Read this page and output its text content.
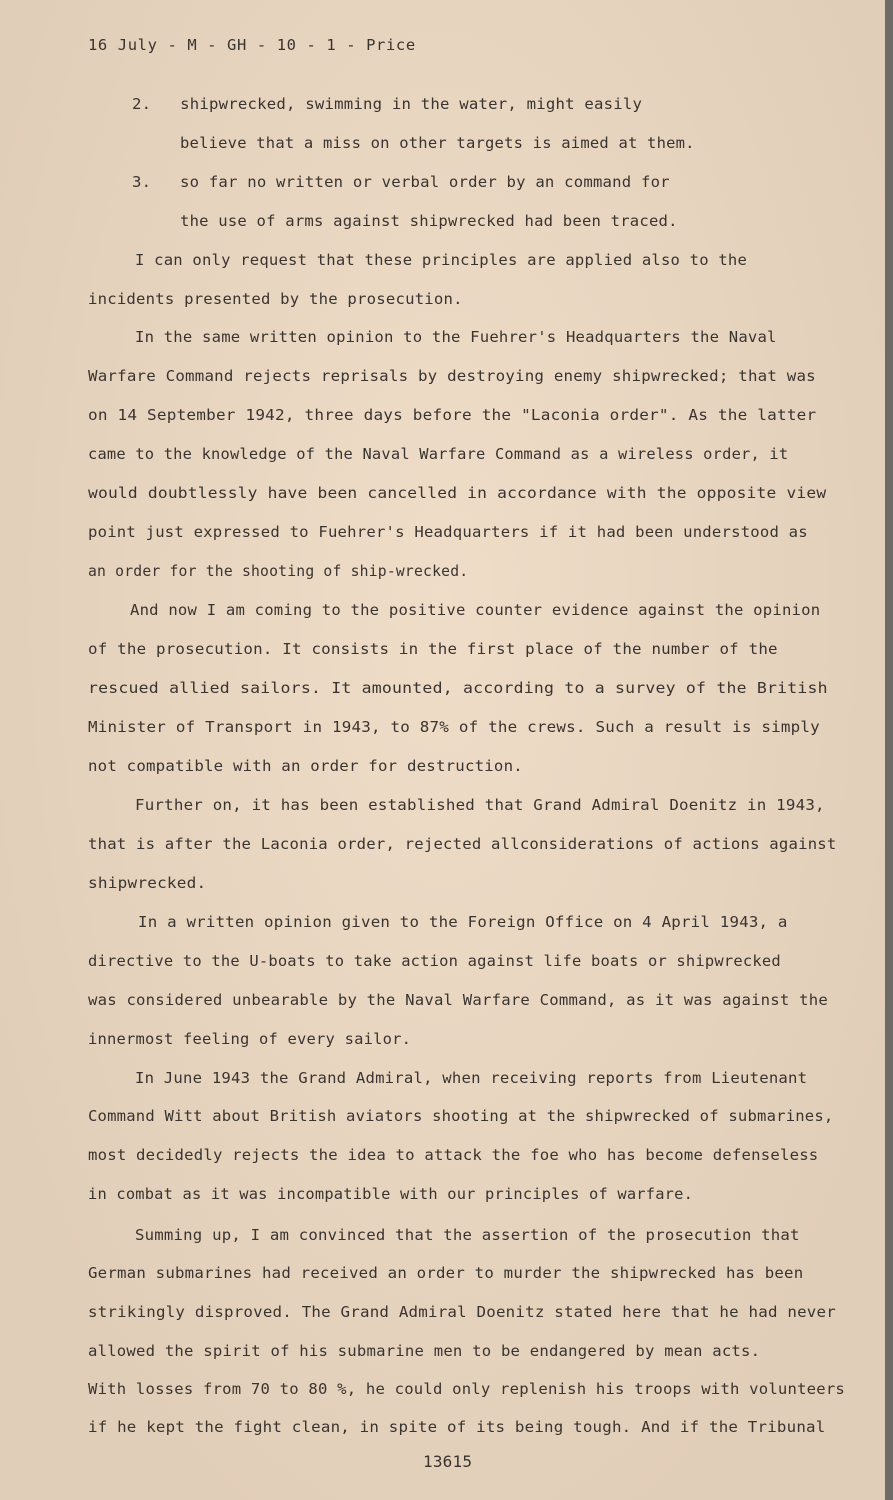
16 July - M - GH - 10 - 1 - Price
2.   shipwrecked, swimming in the water, might easily
believe that a miss on other targets is aimed at them.
3.   so far no written or verbal order by an command for
the use of arms against shipwrecked had been traced.
I can only request that these principles are applied also to the
incidents presented by the prosecution.
In the same written opinion to the Fuehrer's Headquarters the Naval
Warfare Command rejects reprisals by destroying enemy shipwrecked; that was
on 14 September 1942, three days before the "Laconia order". As the latter
came to the knowledge of the Naval Warfare Command as a wireless order, it
would doubtlessly have been cancelled in accordance with the opposite view
point just expressed to Fuehrer's Headquarters if it had been understood as
an order for the shooting of ship-wrecked.
And now I am coming to the positive counter evidence against the opinion
of the prosecution. It consists in the first place of the number of the
rescued allied sailors. It amounted, according to a survey of the British
Minister of Transport in 1943, to 87% of the crews. Such a result is simply
not compatible with an order for destruction.
Further on, it has been established that Grand Admiral Doenitz in 1943,
that is after the Laconia order, rejected allconsiderations of actions against
shipwrecked.
In a written opinion given to the Foreign Office on 4 April 1943, a
directive to the U-boats to take action against life boats or shipwrecked
was considered unbearable by the Naval Warfare Command, as it was against the
innermost feeling of every sailor.
In June 1943 the Grand Admiral, when receiving reports from Lieutenant
Command Witt about British aviators shooting at the shipwrecked of submarines,
most decidedly rejects the idea to attack the foe who has become defenseless
in combat as it was incompatible with our principles of warfare.
Summing up, I am convinced that the assertion of the prosecution that
German submarines had received an order to murder the shipwrecked has been
strikingly disproved. The Grand Admiral Doenitz stated here that he had never
allowed the spirit of his submarine men to be endangered by mean acts.
With losses from 70 to 80 %, he could only replenish his troops with volunteers
if he kept the fight clean, in spite of its being tough. And if the Tribunal
13615
